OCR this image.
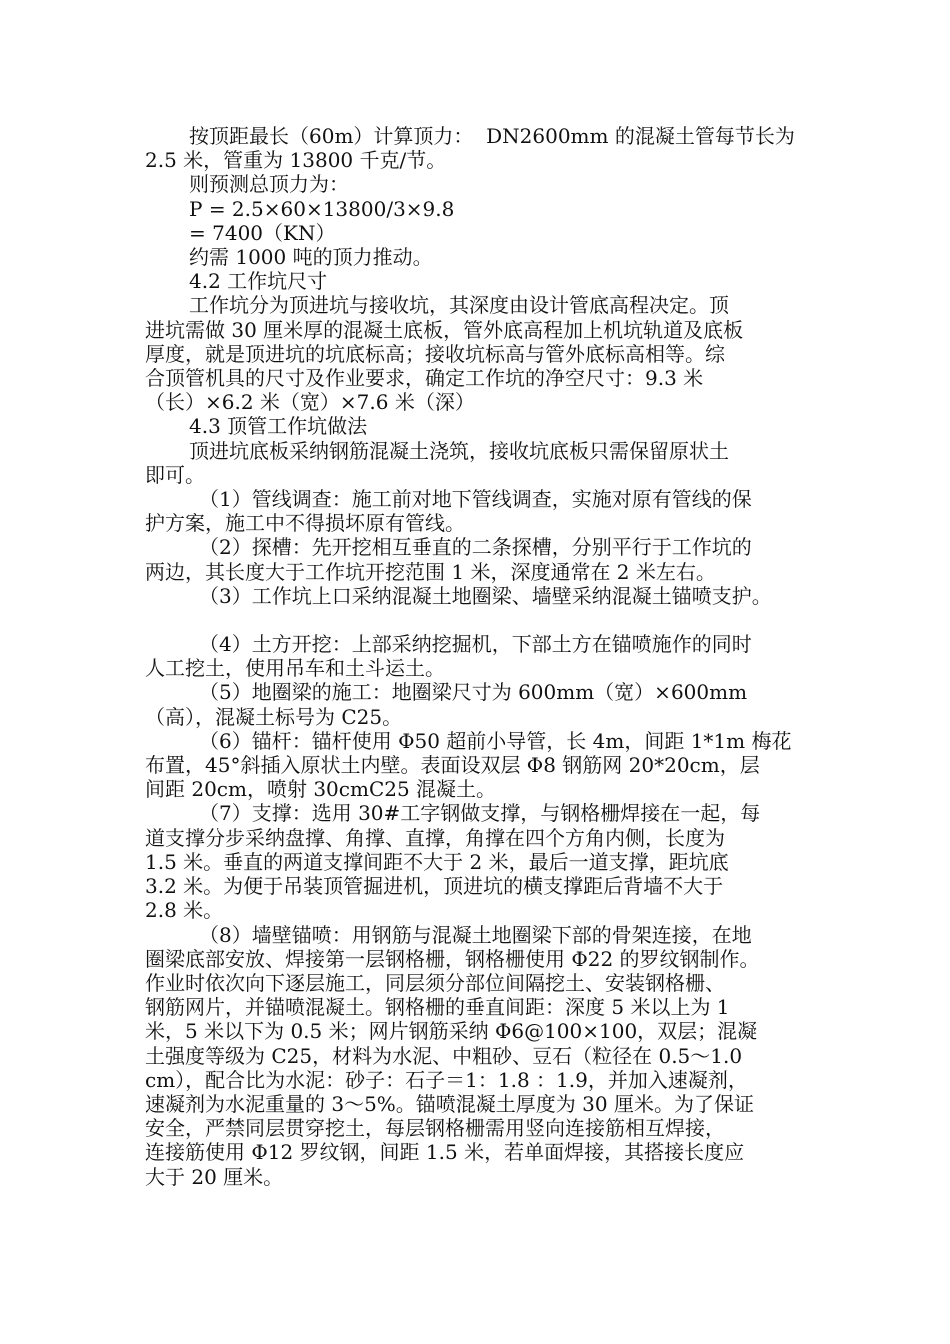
按顶距最长（60m）计算顶力：  DN2600mm 的混凝土管每节长为
2.5 米，管重为 13800 千克/节。
则预测总顶力为：
P = 2.5×60×13800/3×9.8
= 7400（KN）
约需 1000 吨的顶力推动。
4.2 工作坑尺寸
工作坑分为顶进坑与接收坑，其深度由设计管底高程决定。顶
进坑需做 30 厘米厚的混凝土底板，管外底高程加上机坑轨道及底板
厚度，就是顶进坑的坑底标高；接收坑标高与管外底标高相等。综
合顶管机具的尺寸及作业要求，确定工作坑的净空尺寸：9.3 米
（长）×6.2 米（宽）×7.6 米（深）
4.3 顶管工作坑做法
顶进坑底板采纳钢筋混凝土浇筑，接收坑底板只需保留原状土
即可。
（1）管线调查：施工前对地下管线调查，实施对原有管线的保
护方案，施工中不得损坏原有管线。
（2）探槽：先开挖相互垂直的二条探槽，分别平行于工作坑的
两边，其长度大于工作坑开挖范围 1 米，深度通常在 2 米左右。
（3）工作坑上口采纳混凝土地圈梁、墙壁采纳混凝土锚喷支护。
（4）土方开挖：上部采纳挖掘机，下部土方在锚喷施作的同时
人工挖土，使用吊车和土斗运土。
（5）地圈梁的施工：地圈梁尺寸为 600mm（宽）×600mm
（高），混凝土标号为 C25。
（6）锚杆：锚杆使用 Φ50 超前小导管，长 4m，间距 1*1m 梅花
布置，45°斜插入原状土内壁。表面设双层 Φ8 钢筋网 20*20cm，层
间距 20cm，喷射 30cmC25 混凝土。
（7）支撑：选用 30#工字钢做支撑，与钢格栅焊接在一起，每
道支撑分步采纳盘撑、角撑、直撑，角撑在四个方角内侧，长度为
1.5 米。垂直的两道支撑间距不大于 2 米，最后一道支撑，距坑底
3.2 米。为便于吊装顶管掘进机，顶进坑的横支撑距后背墙不大于
2.8 米。
（8）墙壁锚喷：用钢筋与混凝土地圈梁下部的骨架连接，在地
圈梁底部安放、焊接第一层钢格栅，钢格栅使用 Φ22 的罗纹钢制作。
作业时依次向下逐层施工，同层须分部位间隔挖土、安装钢格栅、
钢筋网片，并锚喷混凝土。钢格栅的垂直间距：深度 5 米以上为 1
米，5 米以下为 0.5 米；网片钢筋采纳 Φ6@100×100，双层；混凝
土强度等级为 C25，材料为水泥、中粗砂、豆石（粒径在 0.5～1.0
cm），配合比为水泥：砂子：石子＝1：1.8 ：1.9，并加入速凝剂，
速凝剂为水泥重量的 3～5%。锚喷混凝土厚度为 30 厘米。为了保证
安全，严禁同层贯穿挖土，每层钢格栅需用竖向连接筋相互焊接，
连接筋使用 Φ12 罗纹钢，间距 1.5 米，若单面焊接，其搭接长度应
大于 20 厘米。
